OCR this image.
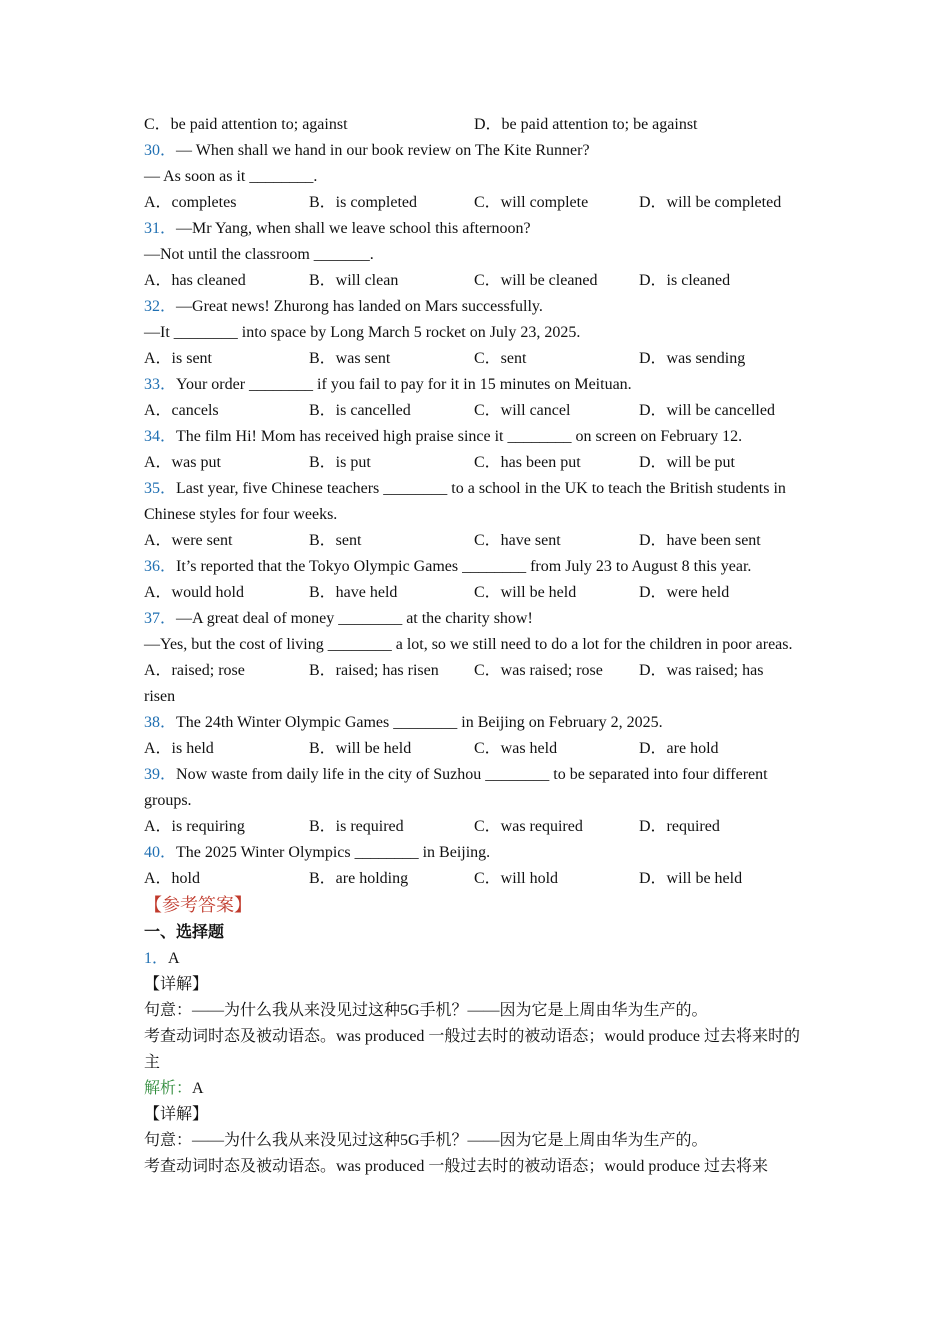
C．be paid attention to; against	D．be paid attention to; be against
30．— When shall we hand in our book review on The Kite Runner?
— As soon as it ________.
A．completes	B．is completed	C．will complete	D．will be completed
31．—Mr Yang, when shall we leave school this afternoon?
—Not until the classroom _______.
A．has cleaned	B．will clean	C．will be cleaned	D．is cleaned
32．—Great news! Zhurong has landed on Mars successfully.
—It ________ into space by Long March 5 rocket on July 23, 2025.
A．is sent	B．was sent	C．sent	D．was sending
33．Your order ________ if you fail to pay for it in 15 minutes on Meituan.
A．cancels	B．is cancelled	C．will cancel	D．will be cancelled
34．The film Hi! Mom has received high praise since it ________ on screen on February 12.
A．was put	B．is put	C．has been put	D．will be put
35．Last year, five Chinese teachers ________ to a school in the UK to teach the British students in Chinese styles for four weeks.
A．were sent	B．sent	C．have sent	D．have been sent
36．It’s reported that the Tokyo Olympic Games ________ from July 23 to August 8 this year.
A．would hold	B．have held	C．will be held	D．were held
37．—A great deal of money ________ at the charity show!
—Yes, but the cost of living ________ a lot, so we still need to do a lot for the children in poor areas.
A．raised; rose	B．raised; has risen	C．was raised; rose	D．was raised; has
risen
38．The 24th Winter Olympic Games ________ in Beijing on February 2, 2025.
A．is held	B．will be held	C．was held	D．are hold
39．Now waste from daily life in the city of Suzhou ________ to be separated into four different groups.
A．is requiring	B．is required	C．was required	D．required
40．The 2025 Winter Olympics ________ in Beijing.
A．hold	B．are holding	C．will hold	D．will be held
【参考答案】
一、选择题
1．A
【详解】
句意：——为什么我从来没见过这种5G手机？——因为它是上周由华为生产的。
考查动词时态及被动语态。was produced 一般过去时的被动语态；would produce 过去将来时的主
解析：A
【详解】
句意：——为什么我从来没见过这种5G手机？——因为它是上周由华为生产的。
考查动词时态及被动语态。was produced 一般过去时的被动语态；would produce 过去将来
